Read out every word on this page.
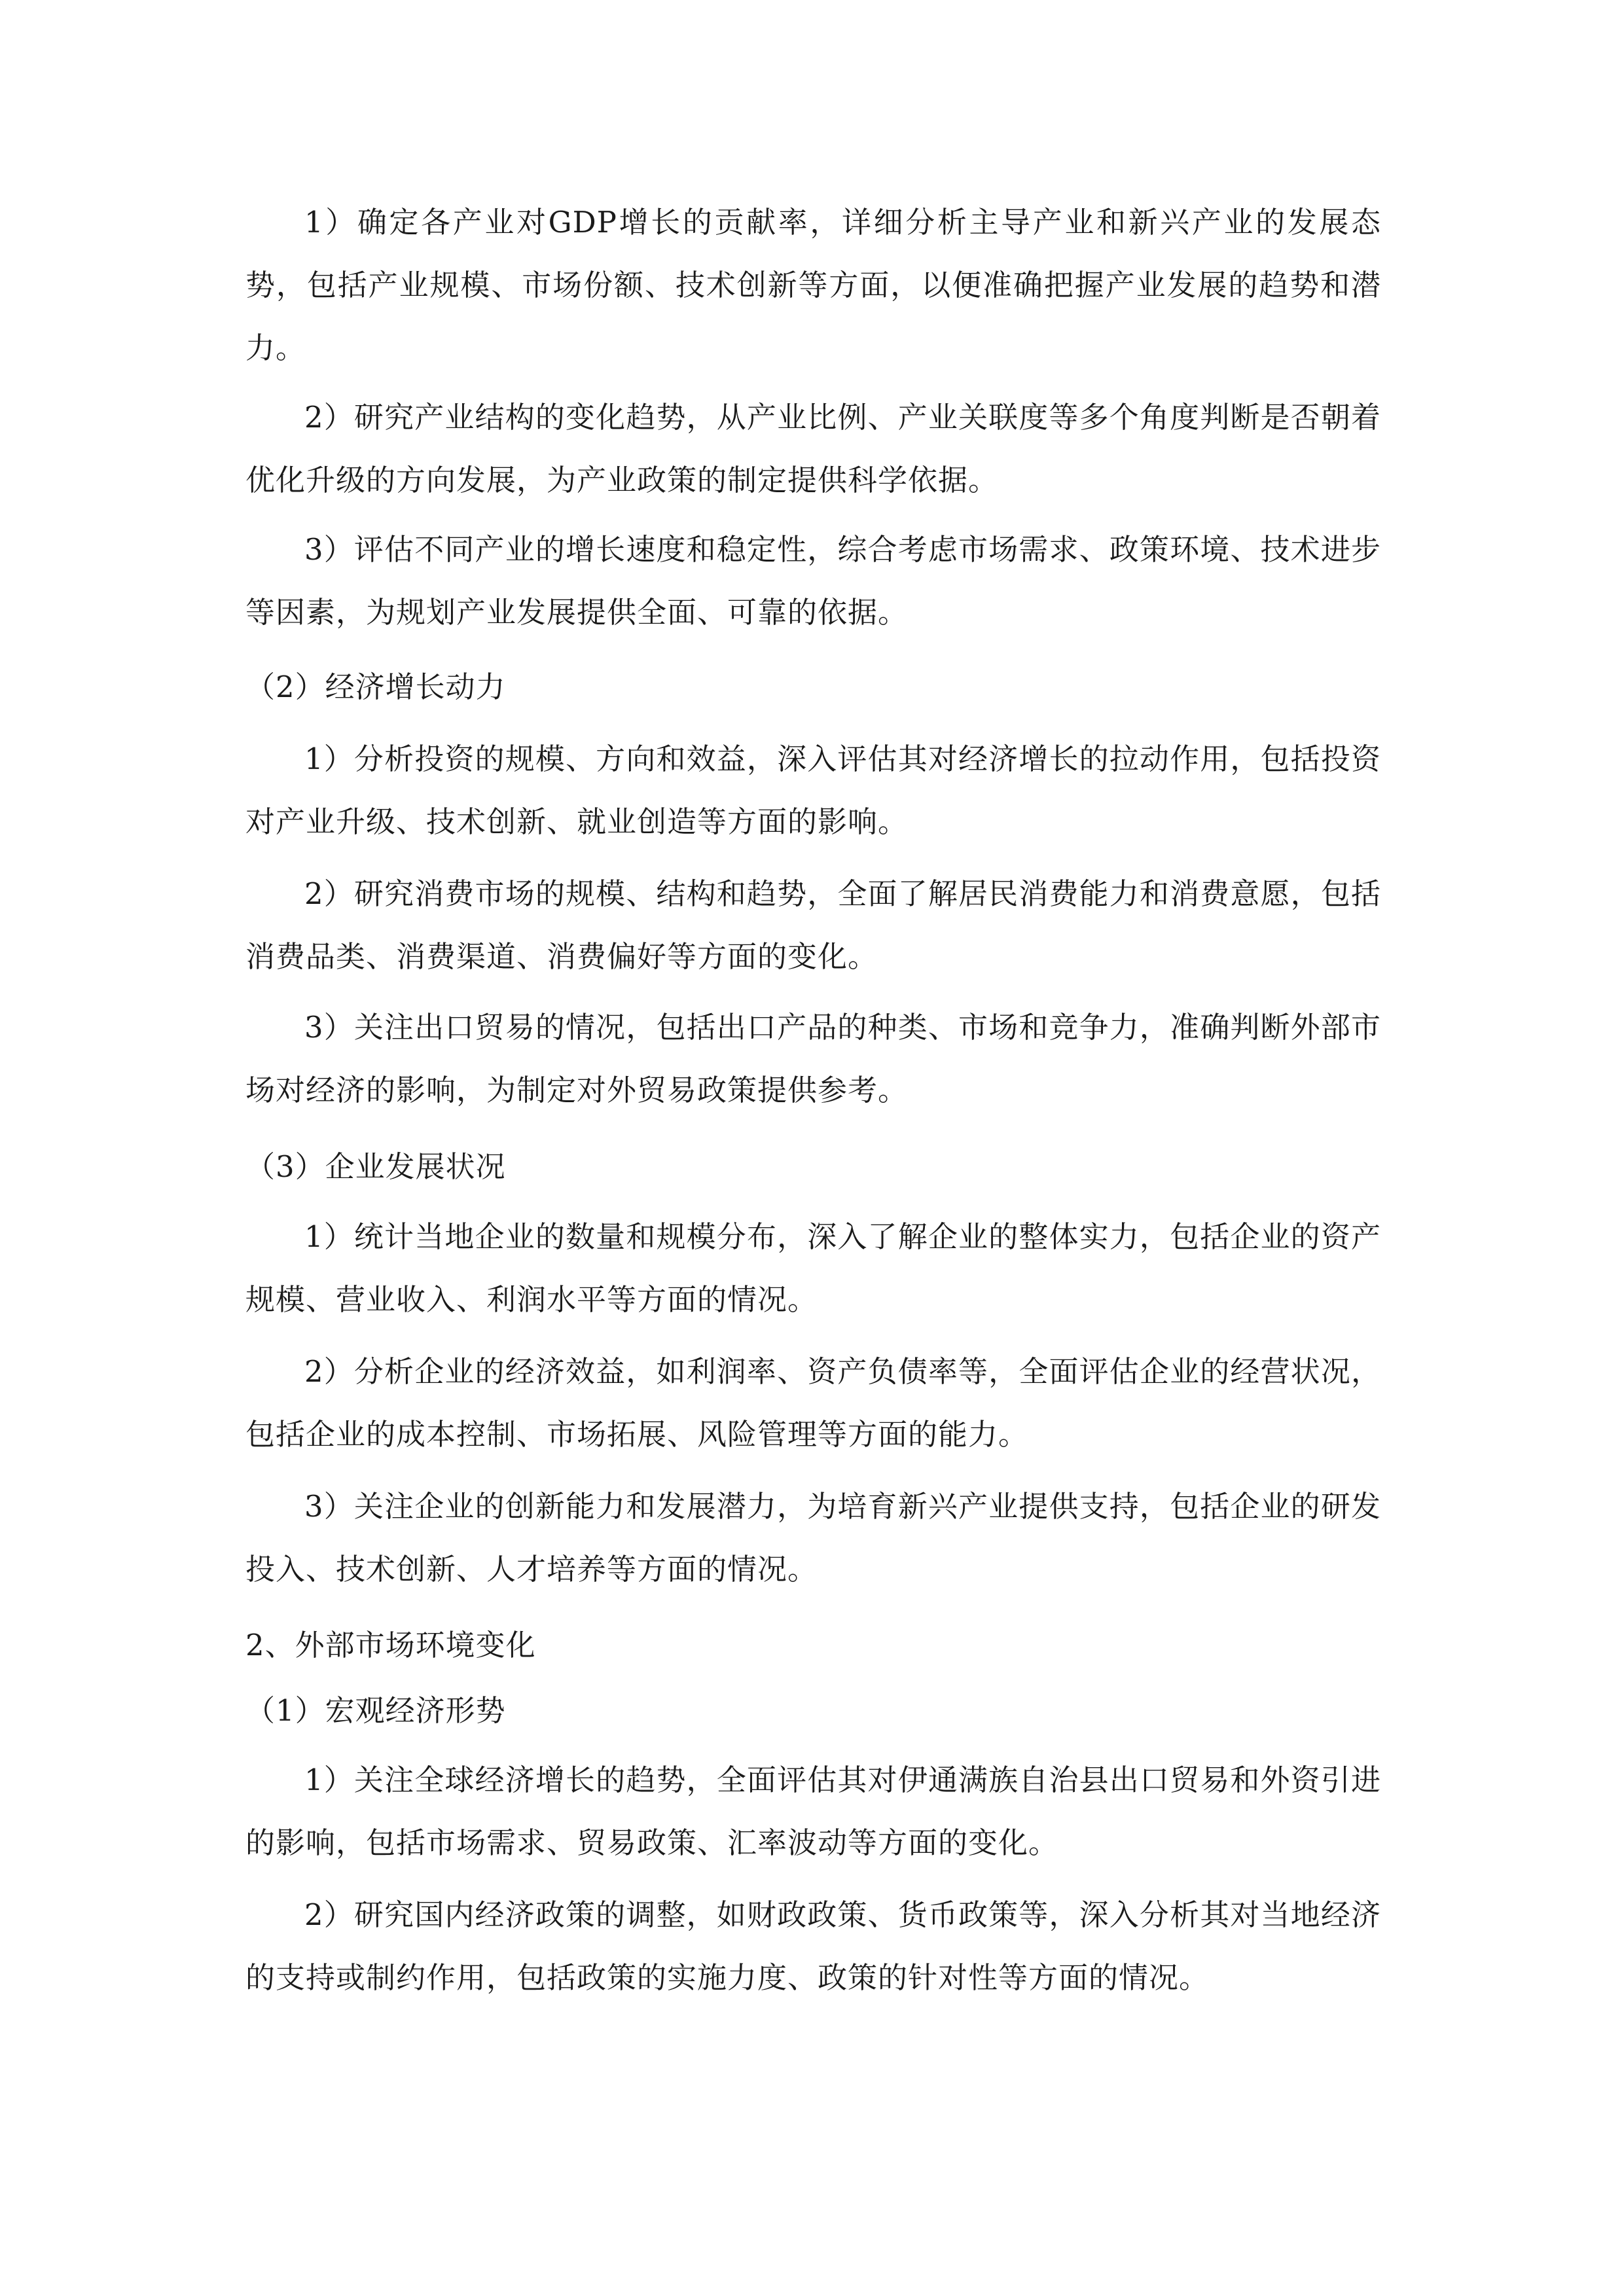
1）确定各产业对GDP增长的贡献率，详细分析主导产业和新兴产业的发展态势，包括产业规模、市场份额、技术创新等方面，以便准确把握产业发展的趋势和潜力。

2）研究产业结构的变化趋势，从产业比例、产业关联度等多个角度判断是否朝着优化升级的方向发展，为产业政策的制定提供科学依据。

3）评估不同产业的增长速度和稳定性，综合考虑市场需求、政策环境、技术进步等因素，为规划产业发展提供全面、可靠的依据。

（2）经济增长动力

1）分析投资的规模、方向和效益，深入评估其对经济增长的拉动作用，包括投资对产业升级、技术创新、就业创造等方面的影响。

2）研究消费市场的规模、结构和趋势，全面了解居民消费能力和消费意愿，包括消费品类、消费渠道、消费偏好等方面的变化。

3）关注出口贸易的情况，包括出口产品的种类、市场和竞争力，准确判断外部市场对经济的影响，为制定对外贸易政策提供参考。

（3）企业发展状况

1）统计当地企业的数量和规模分布，深入了解企业的整体实力，包括企业的资产规模、营业收入、利润水平等方面的情况。

2）分析企业的经济效益，如利润率、资产负债率等，全面评估企业的经营状况，包括企业的成本控制、市场拓展、风险管理等方面的能力。

3）关注企业的创新能力和发展潜力，为培育新兴产业提供支持，包括企业的研发投入、技术创新、人才培养等方面的情况。

2、外部市场环境变化

（1）宏观经济形势

1）关注全球经济增长的趋势，全面评估其对伊通满族自治县出口贸易和外资引进的影响，包括市场需求、贸易政策、汇率波动等方面的变化。

2）研究国内经济政策的调整，如财政政策、货币政策等，深入分析其对当地经济的支持或制约作用，包括政策的实施力度、政策的针对性等方面的情况。
